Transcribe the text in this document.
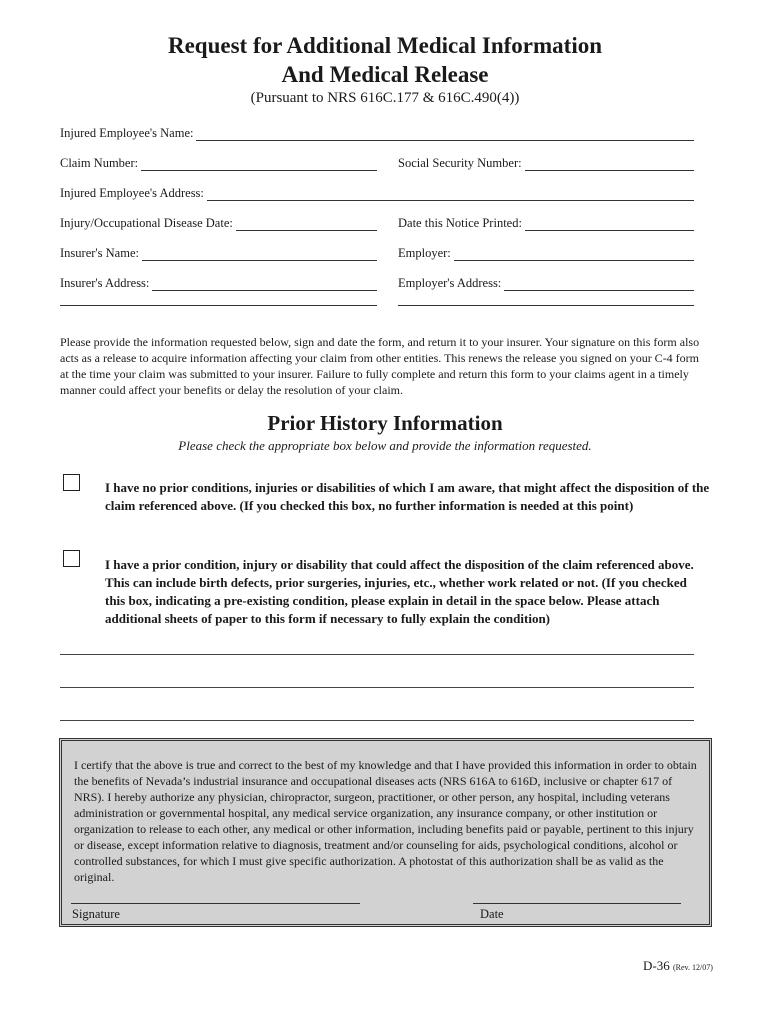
Request for Additional Medical Information
And Medical Release
(Pursuant to NRS 616C.177 & 616C.490(4))
Injured Employee's Name:
Claim Number:	Social Security Number:
Injured Employee's Address:
Injury/Occupational Disease Date:	Date this Notice Printed:
Insurer's Name:	Employer:
Insurer's Address:	Employer's Address:
Please provide the information requested below, sign and date the form, and return it to your insurer. Your signature on this form also acts as a release to acquire information affecting your claim from other entities. This renews the release you signed on your C-4 form at the time your claim was submitted to your insurer. Failure to fully complete and return this form to your claims agent in a timely manner could affect your benefits or delay the resolution of your claim.
Prior History Information
Please check the appropriate box below and provide the information requested.
I have no prior conditions, injuries or disabilities of which I am aware, that might affect the disposition of the claim referenced above. (If you checked this box, no further information is needed at this point)
I have a prior condition, injury or disability that could affect the disposition of the claim referenced above. This can include birth defects, prior surgeries, injuries, etc., whether work related or not. (If you checked this box, indicating a pre-existing condition, please explain in detail in the space below. Please attach additional sheets of paper to this form if necessary to fully explain the condition)
I certify that the above is true and correct to the best of my knowledge and that I have provided this information in order to obtain the benefits of Nevada’s industrial insurance and occupational diseases acts (NRS 616A to 616D, inclusive or chapter 617 of NRS). I hereby authorize any physician, chiropractor, surgeon, practitioner, or other person, any hospital, including veterans administration or governmental hospital, any medical service organization, any insurance company, or other institution or organization to release to each other, any medical or other information, including benefits paid or payable, pertinent to this injury or disease, except information relative to diagnosis, treatment and/or counseling for aids, psychological conditions, alcohol or controlled substances, for which I must give specific authorization. A photostat of this authorization shall be as valid as the original.
Signature	Date
D-36 (Rev. 12/07)
